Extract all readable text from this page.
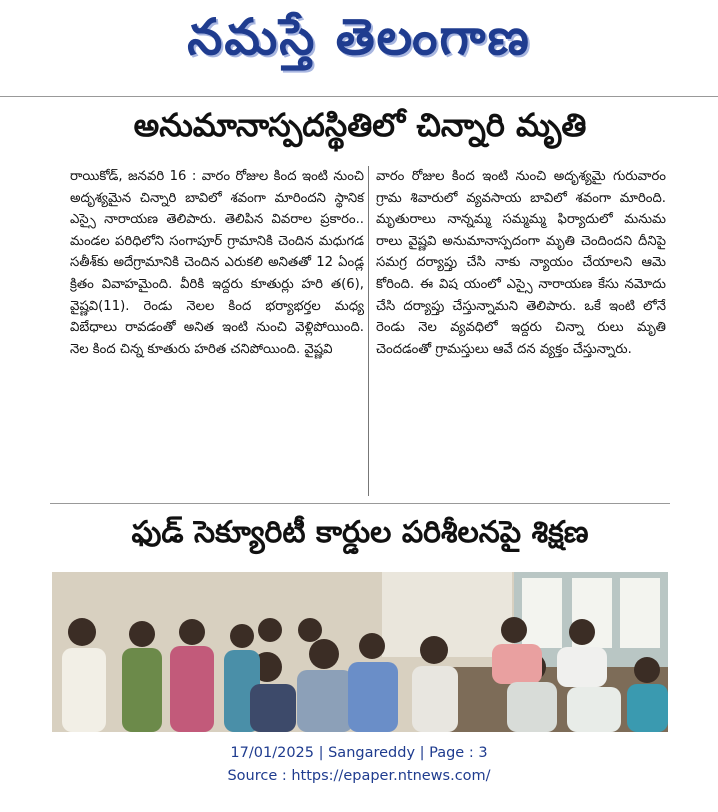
నమస్తే తెలంగాణ
అనుమానాస్పదస్థితిలో చిన్నారి మృతి
రాయికోడ్, జనవరి 16 : వారం రోజుల కింద ఇంటి నుంచి అదృశ్యమైన చిన్నారి బావిలో శవంగా మారిందని స్థానిక ఎస్సై నారాయణ తెలిపారు. తెలిపిన వివరాల ప్రకారం.. మండల పరిధిలోని సంగాపూర్ గ్రామానికి చెందిన మధుగడ సతీశ్‌కు అదేగ్రామానికి చెందిన ఎరుకలి అనితతో 12 ఏండ్ల క్రితం వివాహమైంది. వీరికి ఇద్దరు కూతుర్లు హరి త(6), వైష్ణవి(11). రెండు నెలల కింద భర్యాభర్తల మధ్య విబేధాలు రావడంతో అనిత ఇంటి నుంచి వెళ్లిపోయింది. నెల కింద చిన్న కూతురు హరిత చనిపోయింది. వైష్ణవి
వారం రోజుల కింద ఇంటి నుంచి అదృశ్యమై గురువారం గ్రామ శివారులో వ్యవసాయ బావిలో శవంగా మారింది. మృతురాలు నాన్నమ్మ సమ్మమ్మ ఫిర్యాదులో మనుమ రాలు వైష్ణవి అనుమానాస్పదంగా మృతి చెందిందని దీనిపై సమగ్ర దర్యాప్తు చేసి నాకు న్యాయం చేయాలని ఆమె కోరింది. ఈ విష యంలో ఎస్సై నారాయణ కేసు నమోదు చేసి దర్యాప్తు చేస్తున్నామని తెలిపారు. ఒకే ఇంటి లోనే రెండు నెల వ్యవధిలో ఇద్దరు చిన్నా రులు మృతి చెందడంతో గ్రామస్తులు ఆవే దన వ్యక్తం చేస్తున్నారు.
ఫుడ్ సెక్యూరిటీ కార్డుల పరిశీలనపై శిక్షణ
17/01/2025 | Sangareddy | Page : 3
Source : https://epaper.ntnews.com/
